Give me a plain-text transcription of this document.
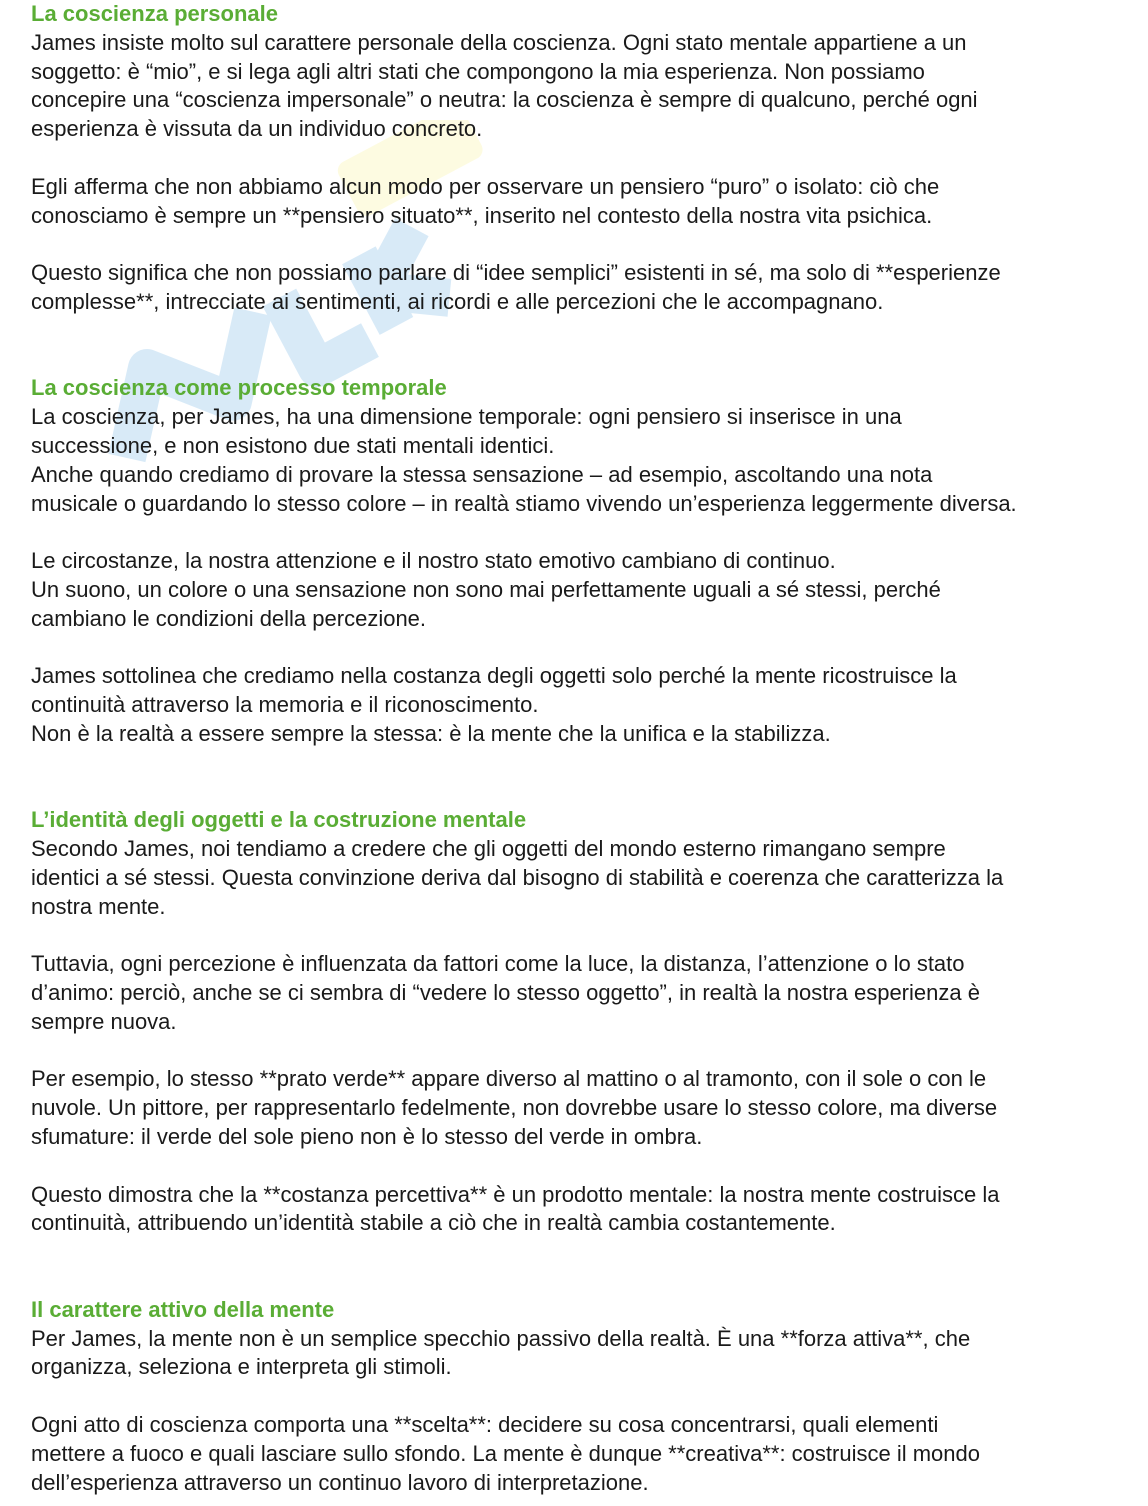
La coscienza personale
James insiste molto sul carattere personale della coscienza. Ogni stato mentale appartiene a un
soggetto: è “mio”, e si lega agli altri stati che compongono la mia esperienza. Non possiamo
concepire una “coscienza impersonale” o neutra: la coscienza è sempre di qualcuno, perché ogni
esperienza è vissuta da un individuo concreto.
Egli afferma che non abbiamo alcun modo per osservare un pensiero “puro” o isolato: ciò che
conosciamo è sempre un **pensiero situato**, inserito nel contesto della nostra vita psichica.
Questo significa che non possiamo parlare di “idee semplici” esistenti in sé, ma solo di **esperienze
complesse**, intrecciate ai sentimenti, ai ricordi e alle percezioni che le accompagnano.
La coscienza come processo temporale
La coscienza, per James, ha una dimensione temporale: ogni pensiero si inserisce in una
successione, e non esistono due stati mentali identici.
Anche quando crediamo di provare la stessa sensazione – ad esempio, ascoltando una nota
musicale o guardando lo stesso colore – in realtà stiamo vivendo un’esperienza leggermente diversa.
Le circostanze, la nostra attenzione e il nostro stato emotivo cambiano di continuo.
Un suono, un colore o una sensazione non sono mai perfettamente uguali a sé stessi, perché
cambiano le condizioni della percezione.
James sottolinea che crediamo nella costanza degli oggetti solo perché la mente ricostruisce la
continuità attraverso la memoria e il riconoscimento.
Non è la realtà a essere sempre la stessa: è la mente che la unifica e la stabilizza.
L’identità degli oggetti e la costruzione mentale
Secondo James, noi tendiamo a credere che gli oggetti del mondo esterno rimangano sempre
identici a sé stessi. Questa convinzione deriva dal bisogno di stabilità e coerenza che caratterizza la
nostra mente.
Tuttavia, ogni percezione è influenzata da fattori come la luce, la distanza, l’attenzione o lo stato
d’animo: perciò, anche se ci sembra di “vedere lo stesso oggetto”, in realtà la nostra esperienza è
sempre nuova.
Per esempio, lo stesso **prato verde** appare diverso al mattino o al tramonto, con il sole o con le
nuvole. Un pittore, per rappresentarlo fedelmente, non dovrebbe usare lo stesso colore, ma diverse
sfumature: il verde del sole pieno non è lo stesso del verde in ombra.
Questo dimostra che la **costanza percettiva** è un prodotto mentale: la nostra mente costruisce la
continuità, attribuendo un’identità stabile a ciò che in realtà cambia costantemente.
Il carattere attivo della mente
Per James, la mente non è un semplice specchio passivo della realtà. È una **forza attiva**, che
organizza, seleziona e interpreta gli stimoli.
Ogni atto di coscienza comporta una **scelta**: decidere su cosa concentrarsi, quali elementi
mettere a fuoco e quali lasciare sullo sfondo. La mente è dunque **creativa**: costruisce il mondo
dell’esperienza attraverso un continuo lavoro di interpretazione.
